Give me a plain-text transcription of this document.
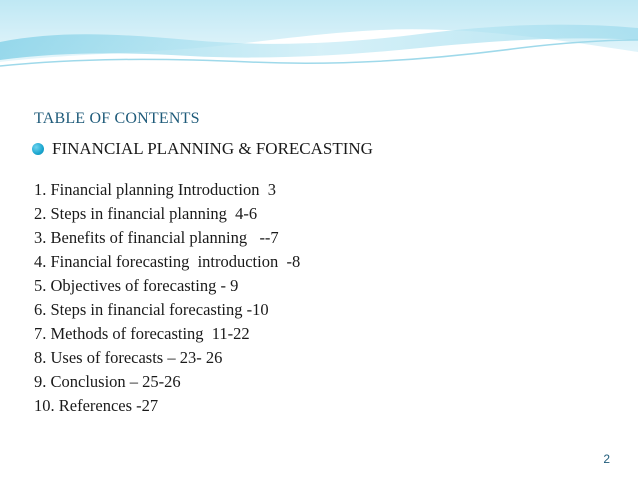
TABLE OF CONTENTS
FINANCIAL PLANNING & FORECASTING
1. Financial planning Introduction  3
2. Steps in financial planning  4-6
3. Benefits of financial planning   --7
4. Financial forecasting  introduction  -8
5. Objectives of forecasting - 9
6. Steps in financial forecasting -10
7. Methods of forecasting  11-22
8. Uses of forecasts – 23- 26
9. Conclusion – 25-26
10. References -27
2
